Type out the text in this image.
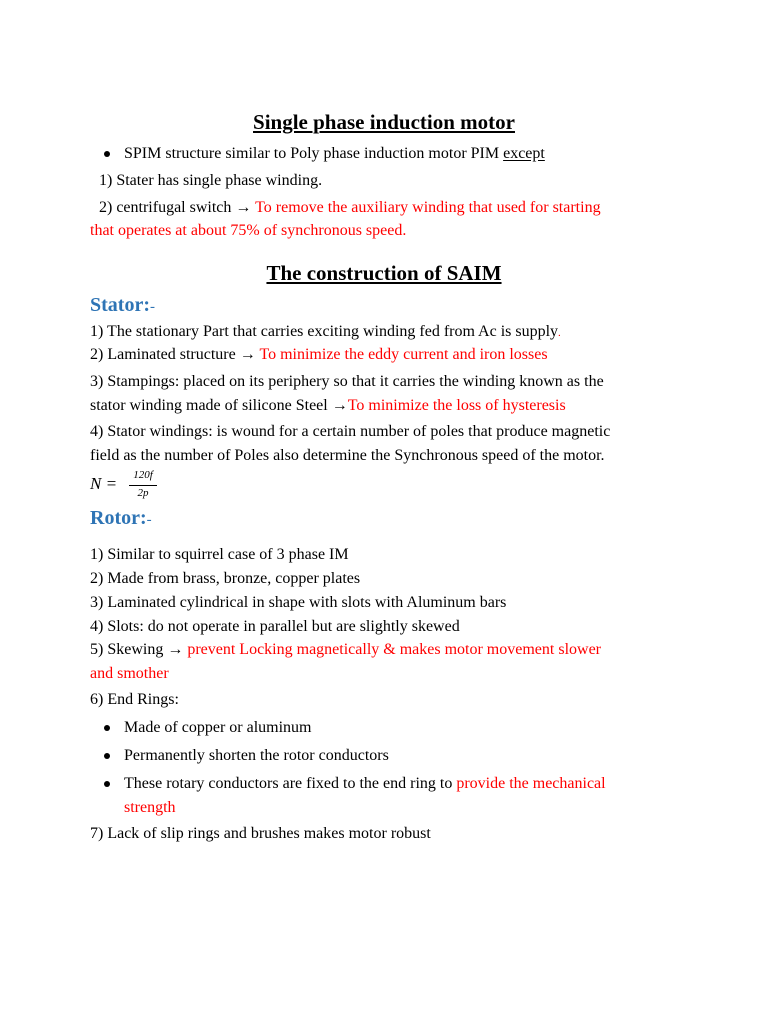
Single phase induction motor
SPIM structure similar to Poly phase induction motor PIM except
1) Stater has single phase winding.
2) centrifugal switch → To remove the auxiliary winding that used for starting
that operates at about 75% of synchronous speed.
The construction of SAIM
Stator:-
1) The stationary Part that carries exciting winding fed from Ac is supply.
2) Laminated structure → To minimize the eddy current and iron losses
3) Stampings: placed on its periphery so that it carries the winding known as the
stator winding made of silicone Steel →To minimize the loss of hysteresis
4) Stator windings: is wound for a certain number of poles that produce magnetic
field as the number of Poles also determine the Synchronous speed of the motor.
N =	120f
2p
Rotor:-
1) Similar to squirrel case of 3 phase IM
2) Made from brass, bronze, copper plates
3) Laminated cylindrical in shape with slots with Aluminum bars
4) Slots: do not operate in parallel but are slightly skewed
5) Skewing → prevent Locking magnetically & makes motor movement slower
and smother
6) End Rings:
Made of copper or aluminum
Permanently shorten the rotor conductors
These rotary conductors are fixed to the end ring to provide the mechanical
strength
7) Lack of slip rings and brushes makes motor robust
